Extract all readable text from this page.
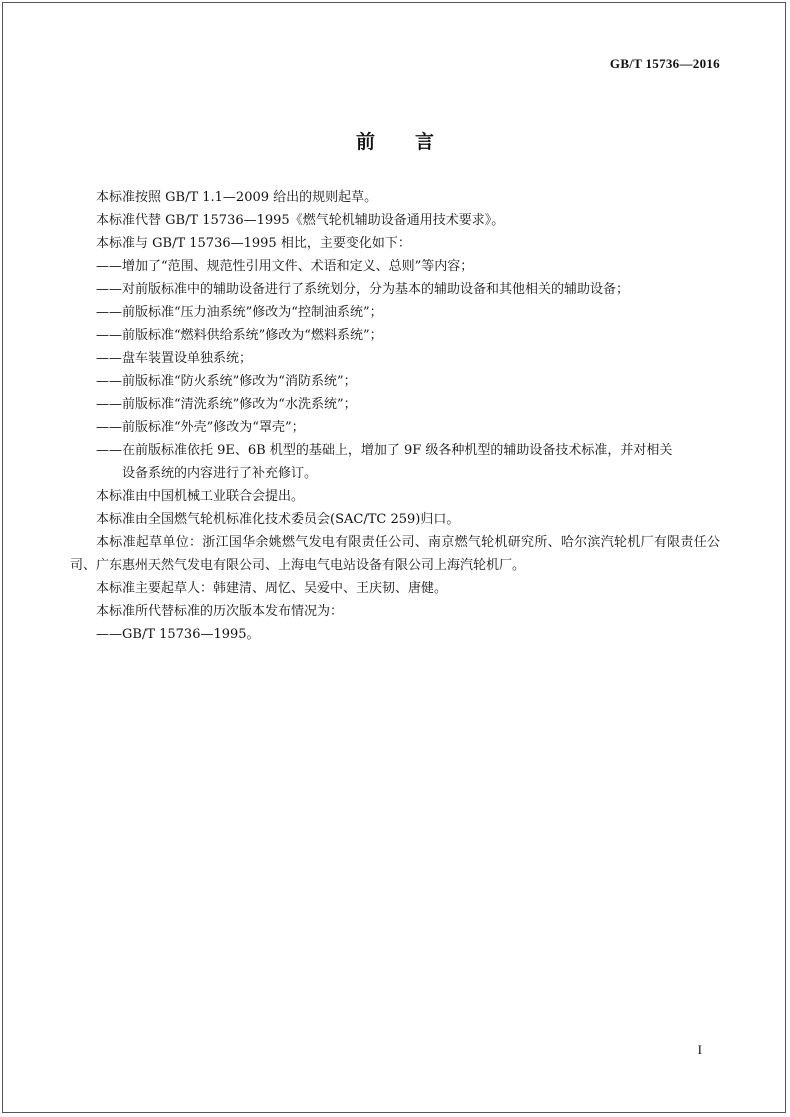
GB/T 15736—2016
前 言
本标准按照 GB/T 1.1—2009 给出的规则起草。
本标准代替 GB/T 15736—1995《燃气轮机辅助设备通用技术要求》。
本标准与 GB/T 15736—1995 相比，主要变化如下：
——增加了“范围、规范性引用文件、术语和定义、总则”等内容；
——对前版标准中的辅助设备进行了系统划分，分为基本的辅助设备和其他相关的辅助设备；
——前版标准“压力油系统”修改为“控制油系统”；
——前版标准“燃料供给系统”修改为“燃料系统”；
——盘车装置设单独系统；
——前版标准“防火系统”修改为“消防系统”；
——前版标准“清洗系统”修改为“水洗系统”；
——前版标准“外壳”修改为“罩壳”；
——在前版标准依托 9E、6B 机型的基础上，增加了 9F 级各种机型的辅助设备技术标准，并对相关
设备系统的内容进行了补充修订。
本标准由中国机械工业联合会提出。
本标准由全国燃气轮机标准化技术委员会(SAC/TC 259)归口。
本标准起草单位：浙江国华余姚燃气发电有限责任公司、南京燃气轮机研究所、哈尔滨汽轮机厂有限责任公司、广东惠州天然气发电有限公司、上海电气电站设备有限公司上海汽轮机厂。
本标准主要起草人：韩建清、周忆、吴爱中、王庆韧、唐健。
本标准所代替标准的历次版本发布情况为：
——GB/T 15736—1995。
I
